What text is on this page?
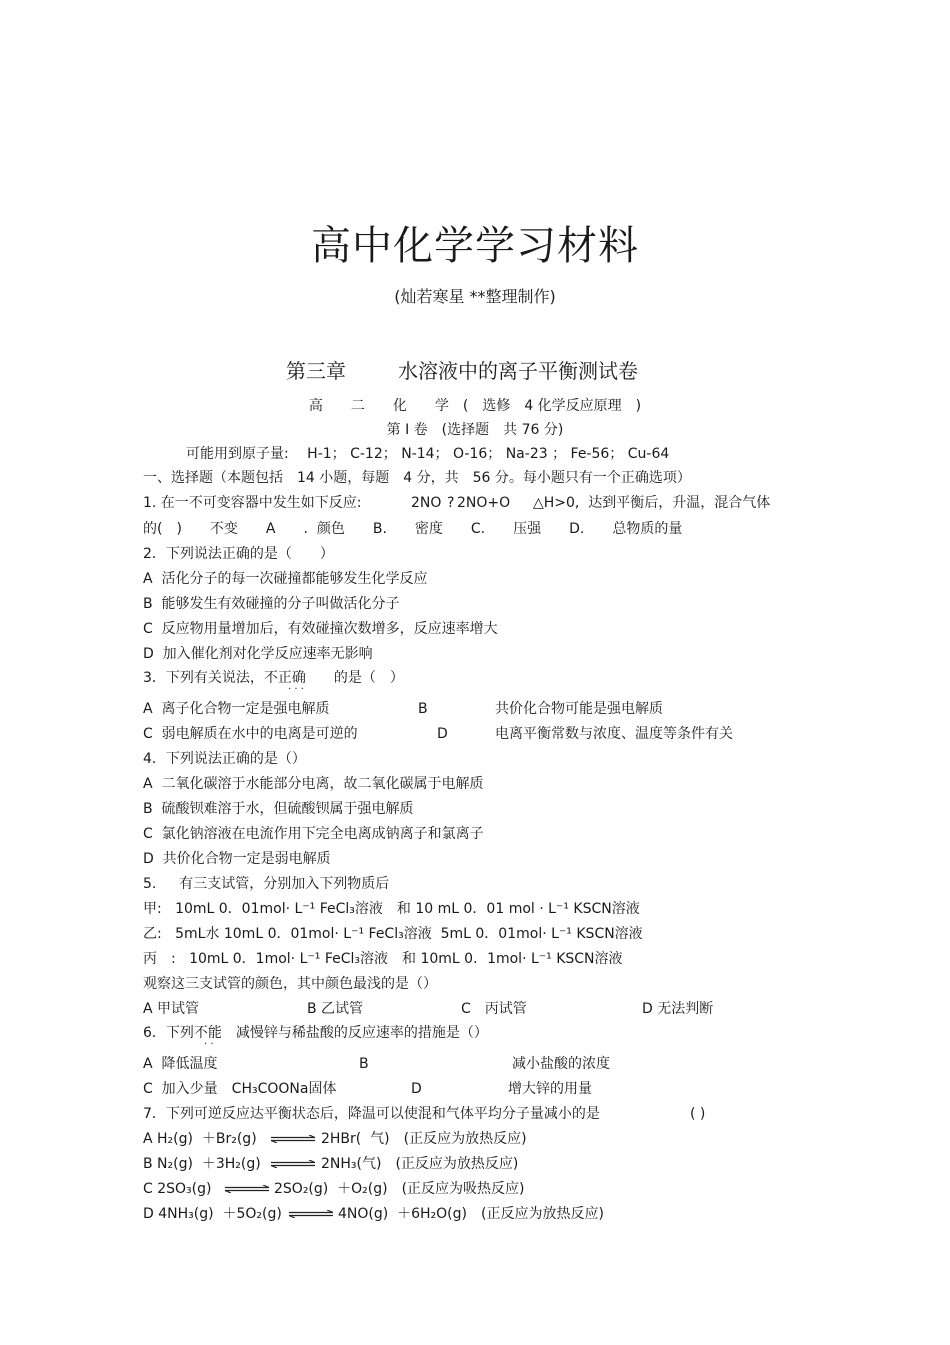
高中化学学习材料
(灿若寒星 **整理制作)
第三章	水溶液中的离子平衡测试卷
高　　二　　化　　学　(　选修　4 化学反应原理　)
第 I 卷　(选择题　共 76 分)
可能用到原子量:　 H-1； C-12； N-14； O-16； Na-23 ； Fe-56； Cu-64
一、选择题（本题包括　14 小题，每题　4 分，共　56 分。每小题只有一个正确选项）
1. 在一不可变容器中发生如下反应:	2NO ? 2NO+O △H>0,  达到平衡后，升温，混合气体
的(　)　　不变　　A　　.  颜色　　B.　　密度　　C.　　压强　　D.　　总物质的量
2．下列说法正确的是（　　）
A  活化分子的每一次碰撞都能够发生化学反应
B  能够发生有效碰撞的分子叫做活化分子
C  反应物用量增加后，有效碰撞次数增多，反应速率增大
D  加入催化剂对化学反应速率无影响
3．下列有关说法，不正确　　的是（　）
· · ·
A  离子化合物一定是强电解质	B	共价化合物可能是强电解质
C  弱电解质在水中的电离是可逆的	D	电离平衡常数与浓度、温度等条件有关
4．下列说法正确的是（）
A  二氧化碳溶于水能部分电离，故二氧化碳属于电解质
B  硫酸钡难溶于水，但硫酸钡属于强电解质
C  氯化钠溶液在电流作用下完全电离成钠离子和氯离子
D  共价化合物一定是弱电解质
5.　  有三支试管，分别加入下列物质后
甲:   10mL 0．01mol· L⁻¹ FeCl₃溶液　和 10 mL 0．01 mol · L⁻¹ KSCN溶液
乙:   5mL水 10mL 0．01mol· L⁻¹ FeCl₃溶液  5mL 0．01mol· L⁻¹ KSCN溶液
丙　:   10mL 0．1mol· L⁻¹ FeCl₃溶液　和 10mL 0．1mol· L⁻¹ KSCN溶液
观察这三支试管的颜色，其中颜色最浅的是（）
A 甲试管	B 乙试管	C　丙试管	D 无法判断
6．下列不能　减慢锌与稀盐酸的反应速率的措施是（）
· ·
A  降低温度	B	减小盐酸的浓度
C  加入少量　CH₃COONa固体	D	增大锌的用量
7．下列可逆反应达平衡状态后，降温可以使混和气体平均分子量减小的是	( )
A H₂(g)  ＋Br₂(g) ⇌ 2HBr(  气)　(正反应为放热反应)
B N₂(g)  ＋3H₂(g) ⇌ 2NH₃(气)　(正反应为放热反应)
C 2SO₃(g) ⇌ 2SO₂(g)  ＋O₂(g)　(正反应为吸热反应)
D 4NH₃(g)  ＋5O₂(g) ⇌ 4NO(g)  ＋6H₂O(g)　(正反应为放热反应)
